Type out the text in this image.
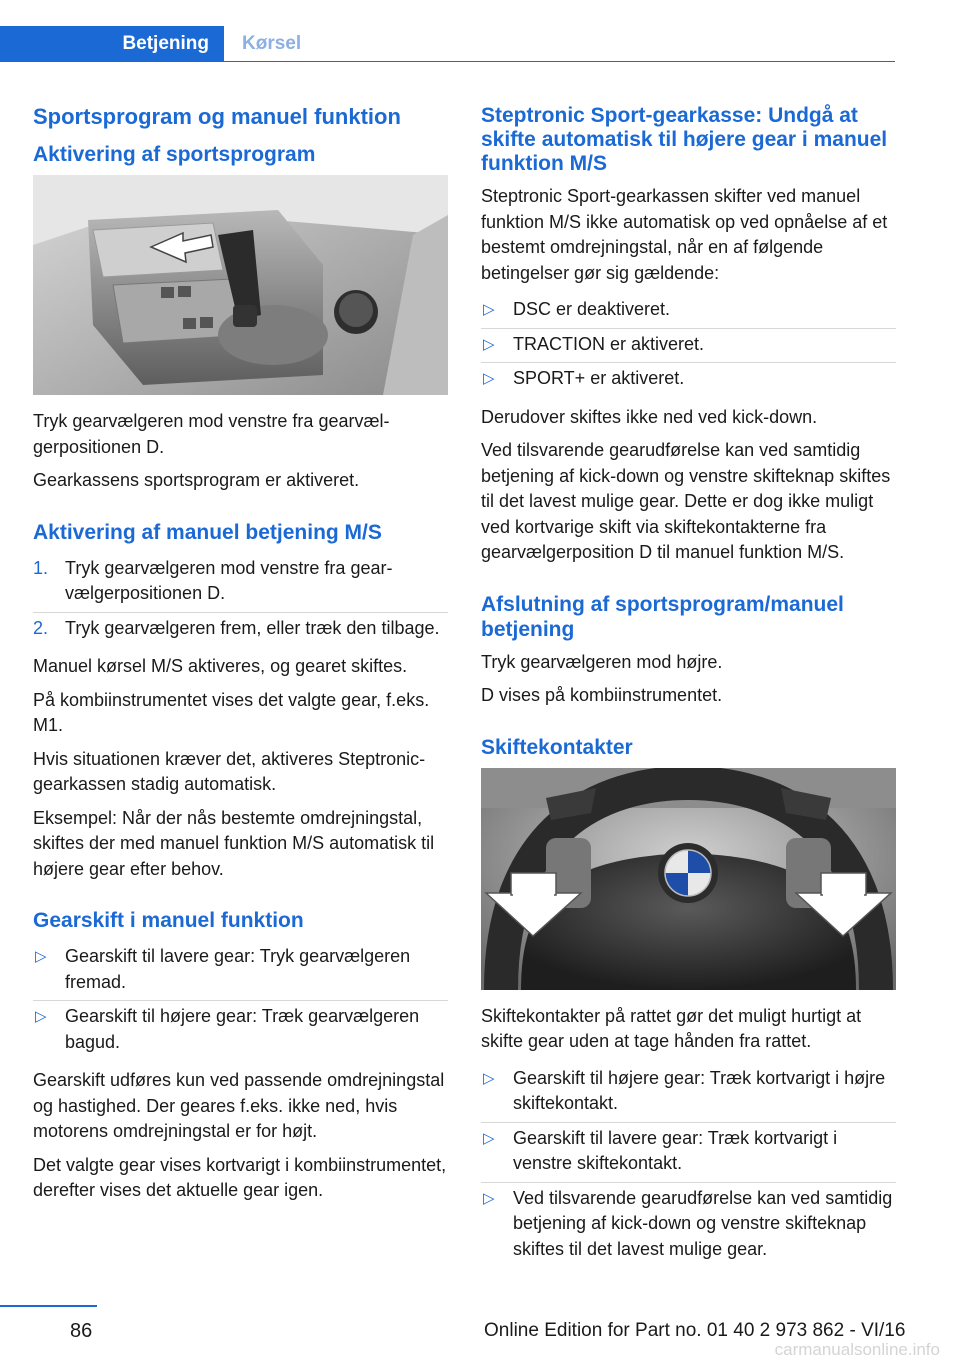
Betjening	Kørsel
Sportsprogram og manuel funktion
Aktivering af sportsprogram

Tryk gearvælgeren mod venstre fra gearvælgerpositionen D.

Gearkassens sportsprogram er aktiveret.

Aktivering af manuel betjening M/S
1. Tryk gearvælgeren mod venstre fra gearvælgerpositionen D.
2. Tryk gearvælgeren frem, eller træk den tilbage.

Manuel kørsel M/S aktiveres, og gearet skiftes.

På kombiinstrumentet vises det valgte gear, f.eks. M1.

Hvis situationen kræver det, aktiveres Steptronic-gearkassen stadig automatisk.

Eksempel: Når der nås bestemte omdrejningstal, skiftes der med manuel funktion M/S automatisk til højere gear efter behov.

Gearskift i manuel funktion
▷ Gearskift til lavere gear: Tryk gearvælgeren fremad.
▷ Gearskift til højere gear: Træk gearvælgeren bagud.

Gearskift udføres kun ved passende omdrejningstal og hastighed. Der geares f.eks. ikke ned, hvis motorens omdrejningstal er for højt.

Det valgte gear vises kortvarigt i kombiinstrumentet, derefter vises det aktuelle gear igen.

Steptronic Sport-gearkasse: Undgå at skifte automatisk til højere gear i manuel funktion M/S

Steptronic Sport-gearkassen skifter ved manuel funktion M/S ikke automatisk op ved opnåelse af et bestemt omdrejningstal, når en af følgende betingelser gør sig gældende:

▷ DSC er deaktiveret.
▷ TRACTION er aktiveret.
▷ SPORT+ er aktiveret.

Derudover skiftes ikke ned ved kick-down.

Ved tilsvarende gearudførelse kan ved samtidig betjening af kick-down og venstre skifteknap skiftes til det lavest mulige gear. Dette er dog ikke muligt ved kortvarige skift via skiftekontakterne fra gearvælgerposition D til manuel funktion M/S.

Afslutning af sportsprogram/manuel betjening

Tryk gearvælgeren mod højre.

D vises på kombiinstrumentet.

Skiftekontakter

Skiftekontakter på rattet gør det muligt hurtigt at skifte gear uden at tage hånden fra rattet.

▷ Gearskift til højere gear: Træk kortvarigt i højre skiftekontakt.
▷ Gearskift til lavere gear: Træk kortvarigt i venstre skiftekontakt.
▷ Ved tilsvarende gearudførelse kan ved samtidig betjening af kick-down og venstre skifteknap skiftes til det lavest mulige gear.
86	Online Edition for Part no. 01 40 2 973 862 - VI/16
carmanualsonline.info
